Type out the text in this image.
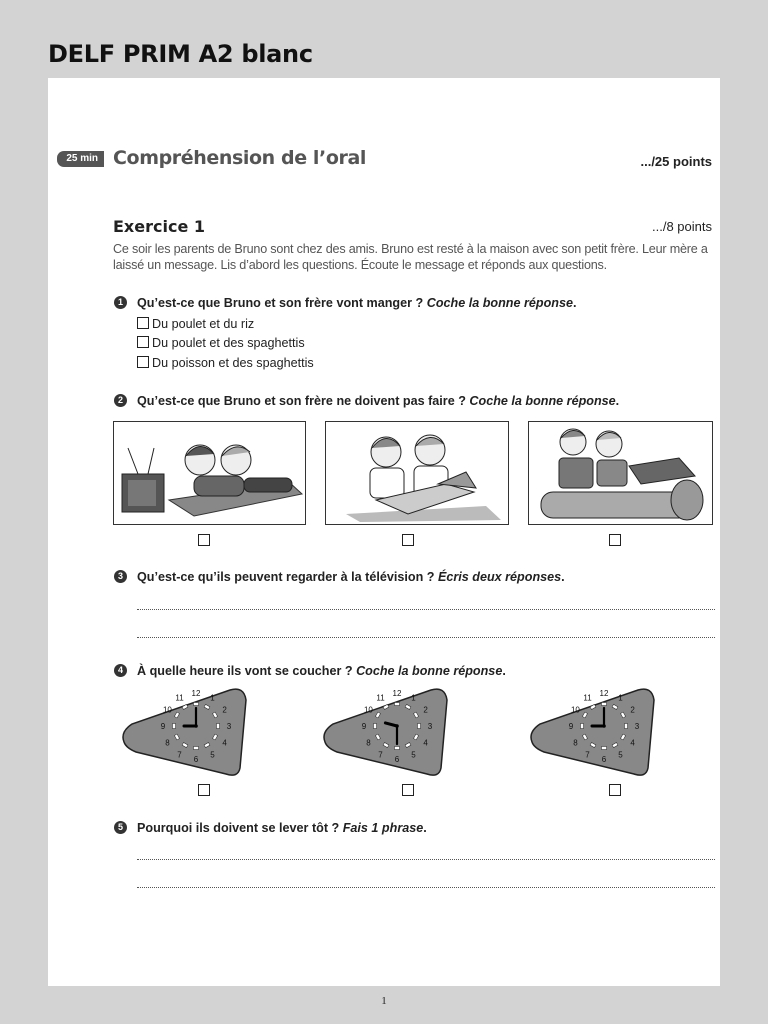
DELF PRIM A2 blanc
25 min Compréhension de l’oral	.../25 points
Exercice 1	.../8 points

Ce soir les parents de Bruno sont chez des amis. Bruno est resté à la maison avec son petit frère. Leur mère a laissé un message. Lis d’abord les questions. Écoute le message et réponds aux questions.

1	Qu’est-ce que Bruno et son frère vont manger ? Coche la bonne réponse.
Du poulet et du riz
Du poulet et des spaghettis
Du poisson et des spaghettis
2	Qu’est-ce que Bruno et son frère ne doivent pas faire ? Coche la bonne réponse.
3	Qu’est-ce qu’ils peuvent regarder à la télévision ? Écris deux réponses.
4	À quelle heure ils vont se coucher ? Coche la bonne réponse.
12 1
2
3
4
5
6
7
8
9
10
11	12 1
2
3
4
5
6
7
8
9
10
11	12 1
2
3
4
5
6
7
8
9
10
11
5	Pourquoi ils doivent se lever tôt ? Fais 1 phrase.
1
